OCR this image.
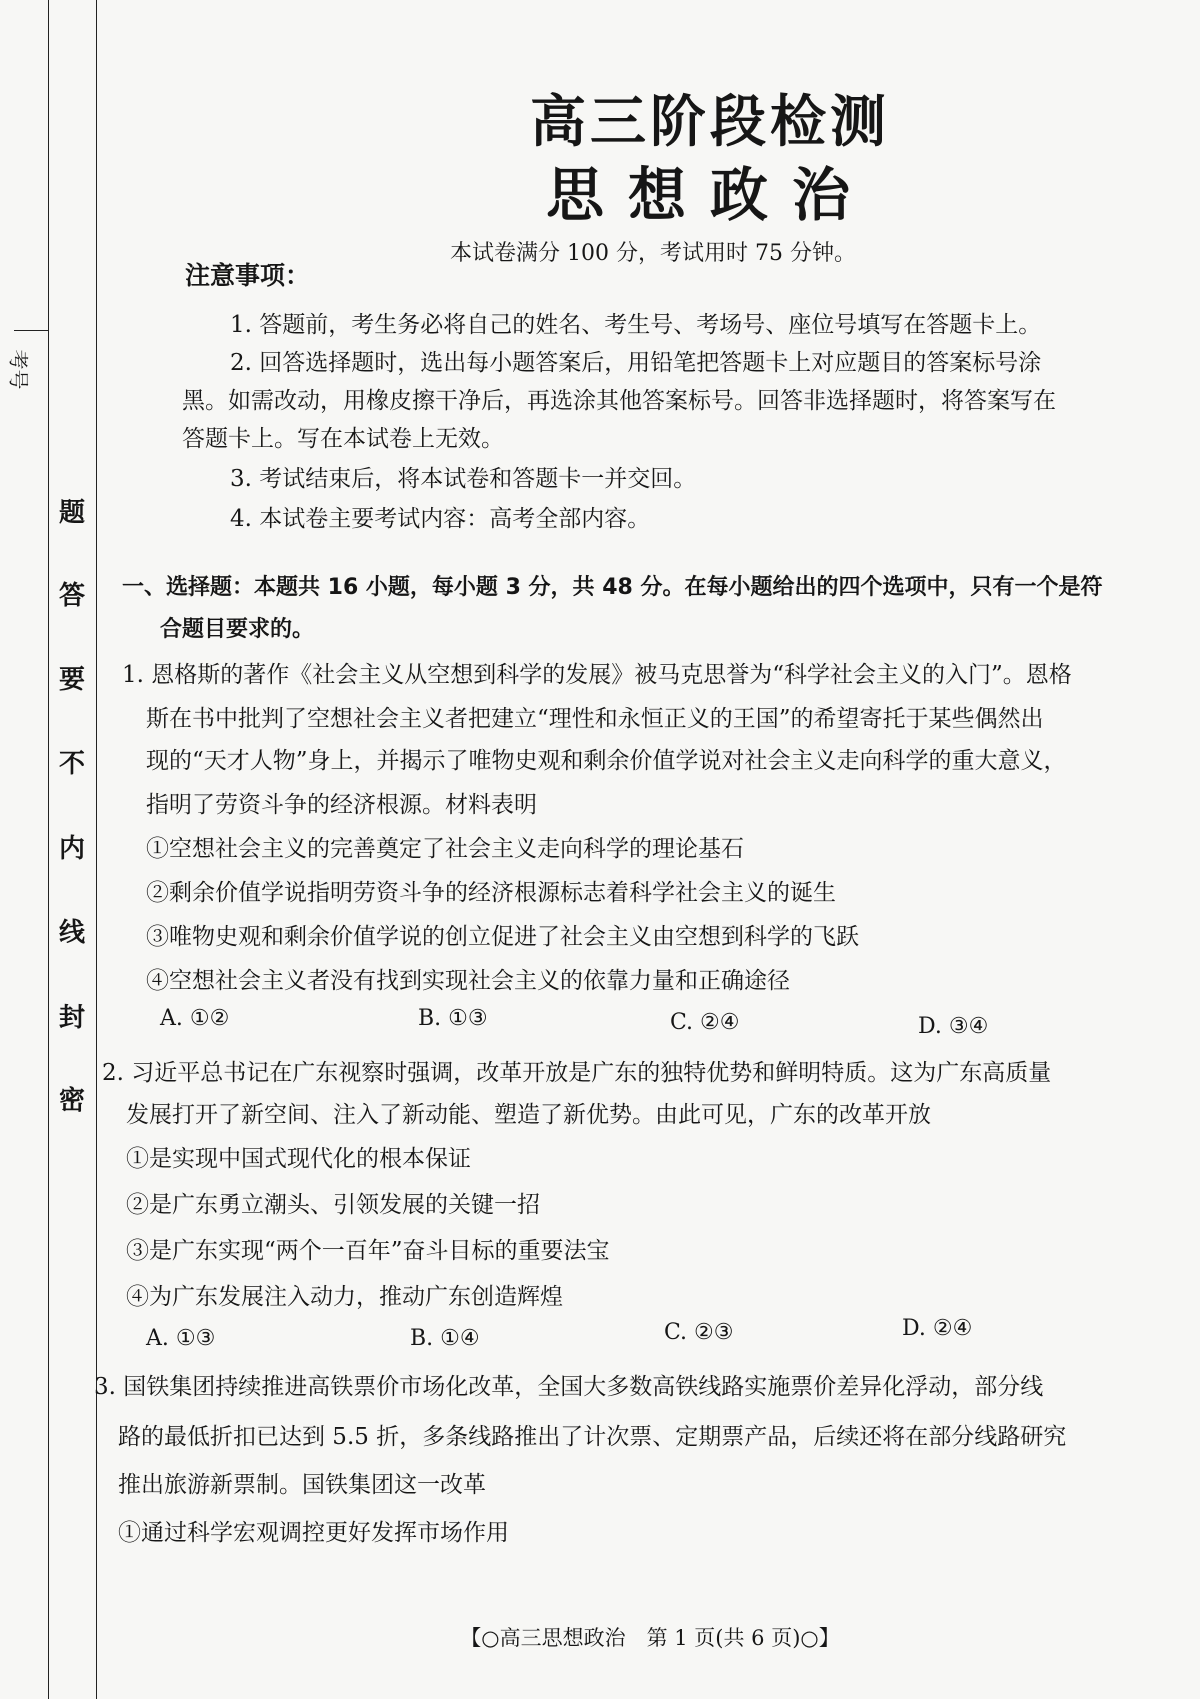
考号
题
答
要
不
内
线
封
密
高三阶段检测
思想政治
本试卷满分 100 分，考试用时 75 分钟。
注意事项：
1. 答题前，考生务必将自己的姓名、考生号、考场号、座位号填写在答题卡上。
2. 回答选择题时，选出每小题答案后，用铅笔把答题卡上对应题目的答案标号涂
黑。如需改动，用橡皮擦干净后，再选涂其他答案标号。回答非选择题时，将答案写在
答题卡上。写在本试卷上无效。
3. 考试结束后，将本试卷和答题卡一并交回。
4. 本试卷主要考试内容：高考全部内容。
一、选择题：本题共 16 小题，每小题 3 分，共 48 分。在每小题给出的四个选项中，只有一个是符
合题目要求的。
1. 恩格斯的著作《社会主义从空想到科学的发展》被马克思誉为“科学社会主义的入门”。恩格
斯在书中批判了空想社会主义者把建立“理性和永恒正义的王国”的希望寄托于某些偶然出
现的“天才人物”身上，并揭示了唯物史观和剩余价值学说对社会主义走向科学的重大意义，
指明了劳资斗争的经济根源。材料表明
①空想社会主义的完善奠定了社会主义走向科学的理论基石
②剩余价值学说指明劳资斗争的经济根源标志着科学社会主义的诞生
③唯物史观和剩余价值学说的创立促进了社会主义由空想到科学的飞跃
④空想社会主义者没有找到实现社会主义的依靠力量和正确途径
A. ①②	B. ①③	C. ②④	D. ③④
2. 习近平总书记在广东视察时强调，改革开放是广东的独特优势和鲜明特质。这为广东高质量
发展打开了新空间、注入了新动能、塑造了新优势。由此可见，广东的改革开放
①是实现中国式现代化的根本保证
②是广东勇立潮头、引领发展的关键一招
③是广东实现“两个一百年”奋斗目标的重要法宝
④为广东发展注入动力，推动广东创造辉煌
A. ①③	B. ①④	C. ②③	D. ②④
3. 国铁集团持续推进高铁票价市场化改革，全国大多数高铁线路实施票价差异化浮动，部分线
路的最低折扣已达到 5.5 折，多条线路推出了计次票、定期票产品，后续还将在部分线路研究
推出旅游新票制。国铁集团这一改革
①通过科学宏观调控更好发挥市场作用
【○高三思想政治　第 1 页(共 6 页)○】
